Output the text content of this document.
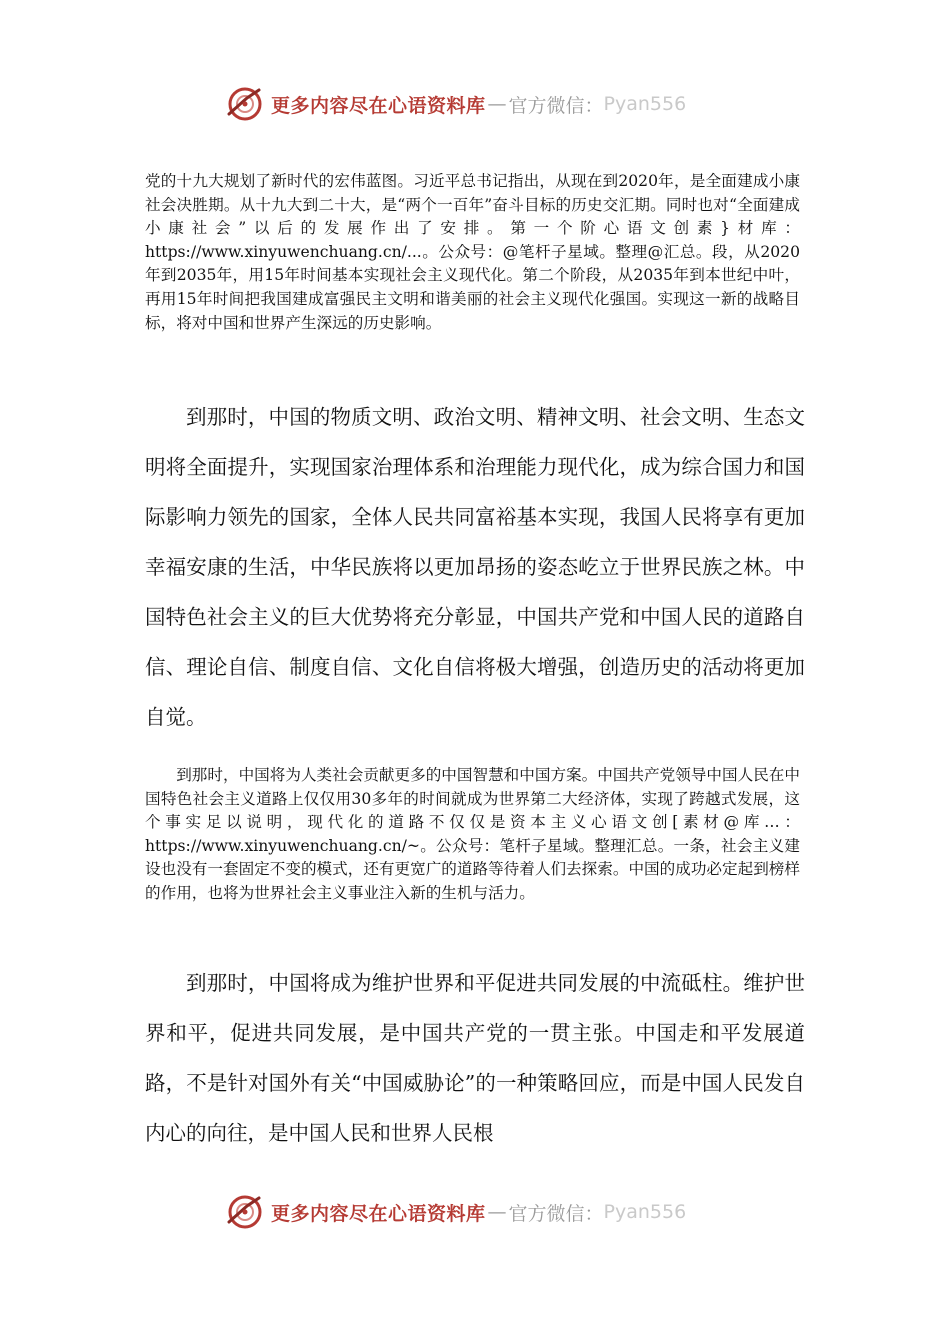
更多内容尽在心语资料库 — 官方微信： Pyan556

党的十九大规划了新时代的宏伟蓝图。习近平总书记指出，从现在到2020年，是全面建成小康社会决胜期。从十九大到二十大，是“两个一百年”奋斗目标的历史交汇期。同时也对“全面建成小康社会”以后的发展作出了安排。第一个阶心语文创素}材库：https://www.xinyuwenchuang.cn/...。公众号：@笔杆子星域。整理@汇总。段，从2020年到2035年，用15年时间基本实现社会主义现代化。第二个阶段，从2035年到本世纪中叶，再用15年时间把我国建成富强民主文明和谐美丽的社会主义现代化强国。实现这一新的战略目标，将对中国和世界产生深远的历史影响。

到那时，中国的物质文明、政治文明、精神文明、社会文明、生态文明将全面提升，实现国家治理体系和治理能力现代化，成为综合国力和国际影响力领先的国家，全体人民共同富裕基本实现，我国人民将享有更加幸福安康的生活，中华民族将以更加昂扬的姿态屹立于世界民族之林。中国特色社会主义的巨大优势将充分彰显，中国共产党和中国人民的道路自信、理论自信、制度自信、文化自信将极大增强，创造历史的活动将更加自觉。

到那时，中国将为人类社会贡献更多的中国智慧和中国方案。中国共产党领导中国人民在中国特色社会主义道路上仅仅用30多年的时间就成为世界第二大经济体，实现了跨越式发展，这个事实足以说明，现代化的道路不仅仅是资本主义心语文创[素材@库…：https://www.xinyuwenchuang.cn/~。公众号：笔杆子星域。整理汇总。一条，社会主义建设也没有一套固定不变的模式，还有更宽广的道路等待着人们去探索。中国的成功必定起到榜样的作用，也将为世界社会主义事业注入新的生机与活力。

到那时，中国将成为维护世界和平促进共同发展的中流砥柱。维护世界和平，促进共同发展，是中国共产党的一贯主张。中国走和平发展道路，不是针对国外有关“中国威胁论”的一种策略回应，而是中国人民发自内心的向往，是中国人民和世界人民根

更多内容尽在心语资料库 — 官方微信： Pyan556
